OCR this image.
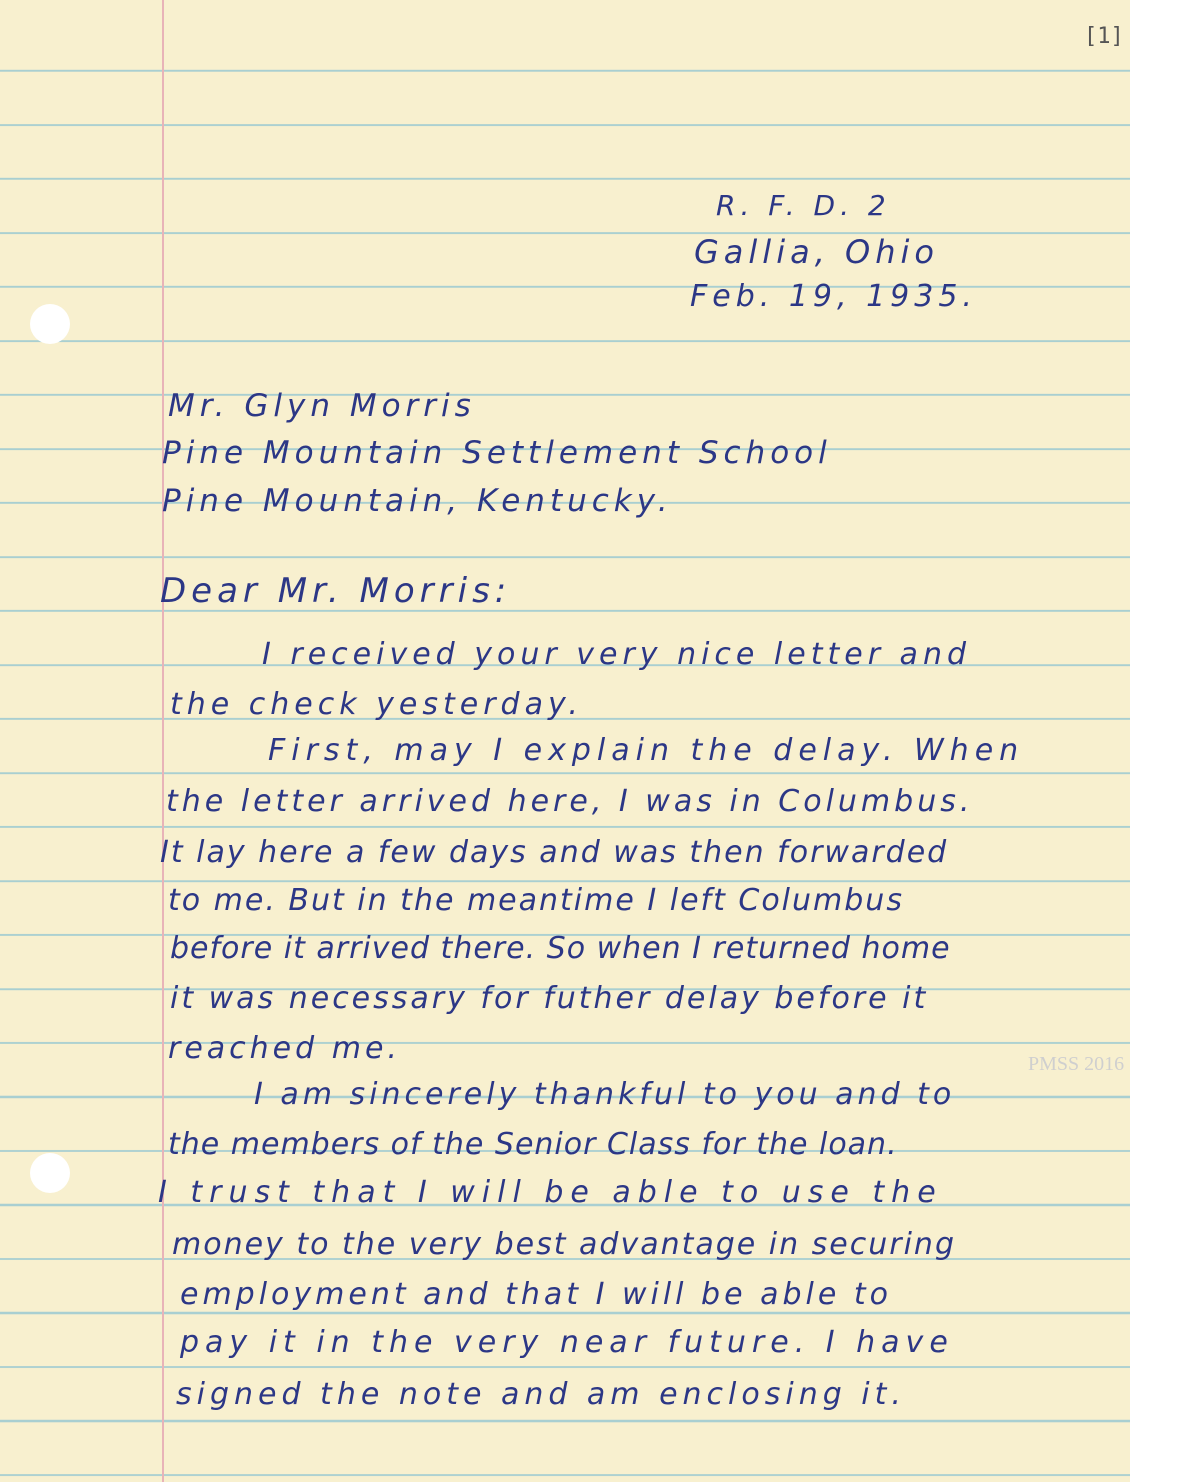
R. F. D. 2
Gallia, Ohio
Feb. 19, 1935.
Mr. Glyn Morris
Pine Mountain Settlement School
Pine Mountain, Kentucky.
Dear Mr. Morris:
I received your very nice letter and
the check yesterday.
First, may I explain the delay. When
the letter arrived here, I was in Columbus.
It lay here a few days and was then forwarded
to me. But in the meantime I left Columbus
before it arrived there. So when I returned home
it was necessary for futher delay before it
reached me.
I am sincerely thankful to you and to
the members of the Senior Class for the loan.
I trust that I will be able to use the
money to the very best advantage in securing
employment and that I will be able to
pay it in the very near future. I have
signed the note and am enclosing it.
[1]
PMSS 2016
